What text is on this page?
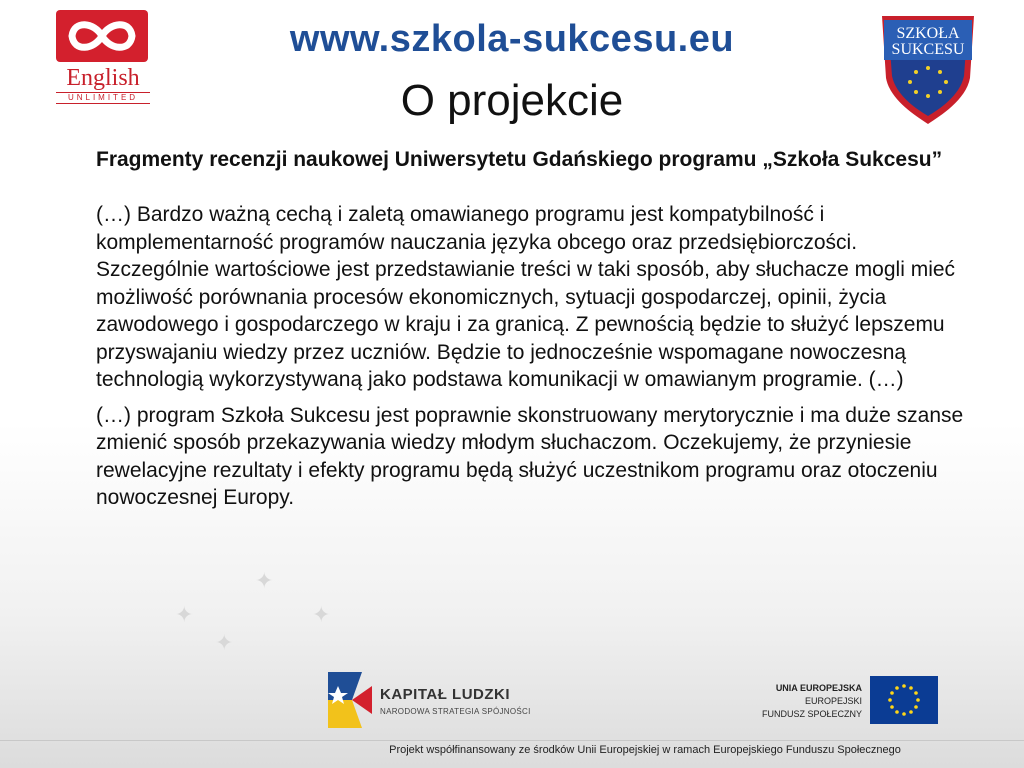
✦
✦	✦
✦
English
UNLIMITED
www.szkola-sukcesu.eu
O projekcie
SZKOŁA
SUKCESU

Fragmenty recenzji naukowej Uniwersytetu Gdańskiego programu „Szkoła Sukcesu”

(…) Bardzo ważną cechą i zaletą omawianego programu jest kompatybilność i komplementarność programów nauczania języka obcego oraz przedsiębiorczości. Szczególnie wartościowe jest przedstawianie treści w taki sposób, aby słuchacze mogli mieć możliwość porównania procesów ekonomicznych, sytuacji gospodarczej, opinii, życia zawodowego i gospodarczego w kraju i za granicą. Z pewnością będzie to służyć lepszemu przyswajaniu wiedzy przez uczniów. Będzie to jednocześnie wspomagane nowoczesną technologią wykorzystywaną jako podstawa komunikacji w omawianym programie. (…)

(…) program Szkoła Sukcesu jest poprawnie skonstruowany merytorycznie i ma duże szanse zmienić sposób przekazywania wiedzy młodym słuchaczom. Oczekujemy, że przyniesie rewelacyjne rezultaty i efekty programu będą służyć uczestnikom programu oraz otoczeniu nowoczesnej Europy.

KAPITAŁ LUDZKI
NARODOWA STRATEGIA SPÓJNOŚCI
UNIA EUROPEJSKA
EUROPEJSKI
FUNDUSZ SPOŁECZNY
Projekt współfinansowany ze środków Unii Europejskiej w ramach Europejskiego Funduszu Społecznego
